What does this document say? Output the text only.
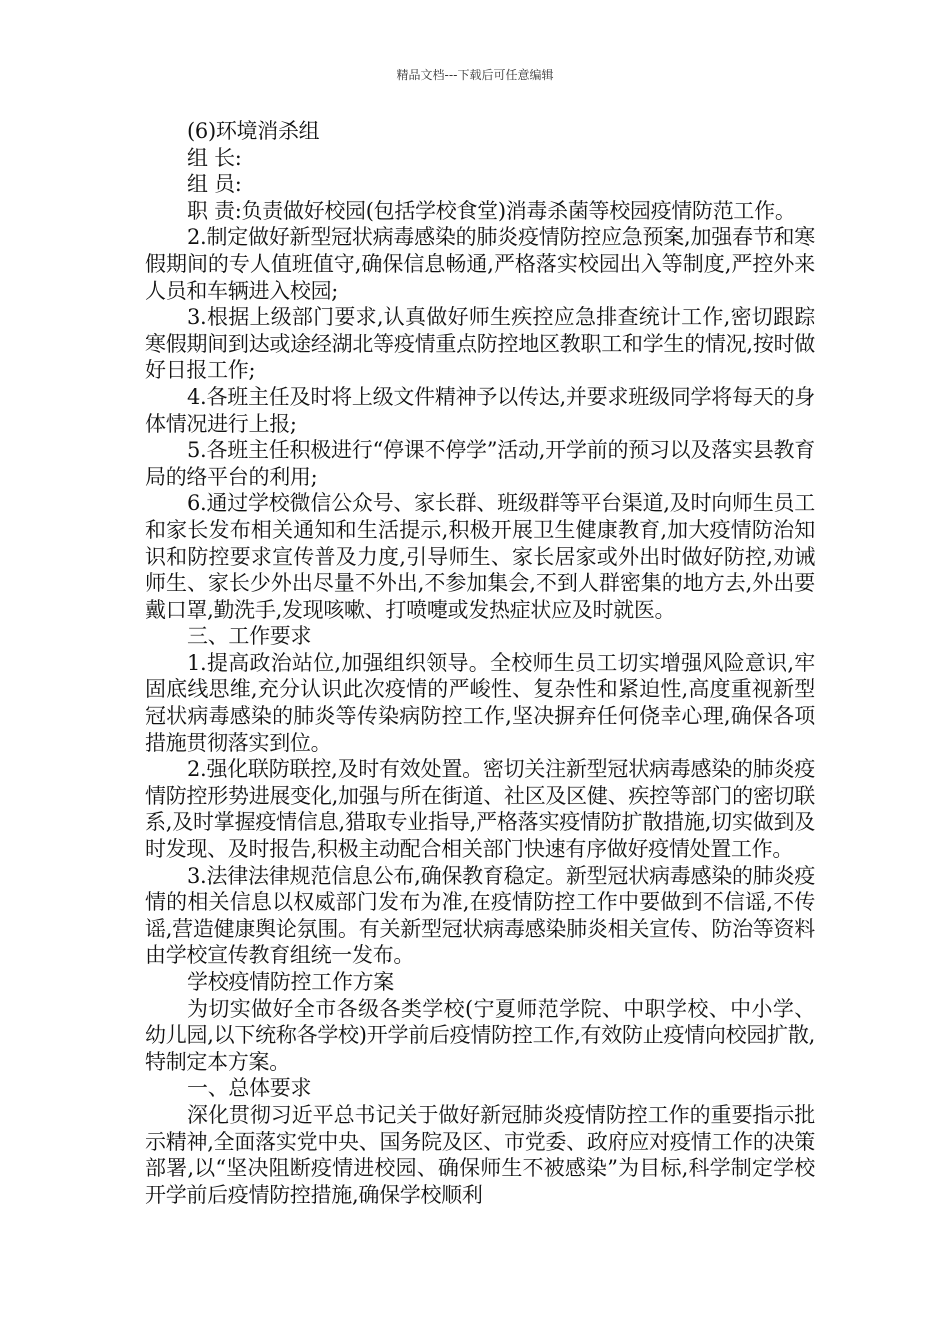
精品文档---下载后可任意编辑

(6)环境消杀组

组 长:

组 员:

职 责:负责做好校园(包括学校食堂)消毒杀菌等校园疫情防范工作。

2.制定做好新型冠状病毒感染的肺炎疫情防控应急预案,加强春节和寒假期间的专人值班值守,确保信息畅通,严格落实校园出入等制度,严控外来人员和车辆进入校园;

3.根据上级部门要求,认真做好师生疾控应急排查统计工作,密切跟踪寒假期间到达或途经湖北等疫情重点防控地区教职工和学生的情况,按时做好日报工作;

4.各班主任及时将上级文件精神予以传达,并要求班级同学将每天的身体情况进行上报;

5.各班主任积极进行“停课不停学”活动,开学前的预习以及落实县教育局的络平台的利用;

6.通过学校微信公众号、家长群、班级群等平台渠道,及时向师生员工和家长发布相关通知和生活提示,积极开展卫生健康教育,加大疫情防治知识和防控要求宣传普及力度,引导师生、家长居家或外出时做好防控,劝诫师生、家长少外出尽量不外出,不参加集会,不到人群密集的地方去,外出要戴口罩,勤洗手,发现咳嗽、打喷嚏或发热症状应及时就医。

三、工作要求

1.提高政治站位,加强组织领导。全校师生员工切实增强风险意识,牢固底线思维,充分认识此次疫情的严峻性、复杂性和紧迫性,高度重视新型冠状病毒感染的肺炎等传染病防控工作,坚决摒弃任何侥幸心理,确保各项措施贯彻落实到位。

2.强化联防联控,及时有效处置。密切关注新型冠状病毒感染的肺炎疫情防控形势进展变化,加强与所在街道、社区及区健、疾控等部门的密切联系,及时掌握疫情信息,猎取专业指导,严格落实疫情防扩散措施,切实做到及时发现、及时报告,积极主动配合相关部门快速有序做好疫情处置工作。

3.法律法律规范信息公布,确保教育稳定。新型冠状病毒感染的肺炎疫情的相关信息以权威部门发布为准,在疫情防控工作中要做到不信谣,不传谣,营造健康舆论氛围。有关新型冠状病毒感染肺炎相关宣传、防治等资料由学校宣传教育组统一发布。

学校疫情防控工作方案

为切实做好全市各级各类学校(宁夏师范学院、中职学校、中小学、幼儿园,以下统称各学校)开学前后疫情防控工作,有效防止疫情向校园扩散,特制定本方案。

一、总体要求

深化贯彻习近平总书记关于做好新冠肺炎疫情防控工作的重要指示批示精神,全面落实党中央、国务院及区、市党委、政府应对疫情工作的决策部署,以“坚决阻断疫情进校园、确保师生不被感染”为目标,科学制定学校开学前后疫情防控措施,确保学校顺利
